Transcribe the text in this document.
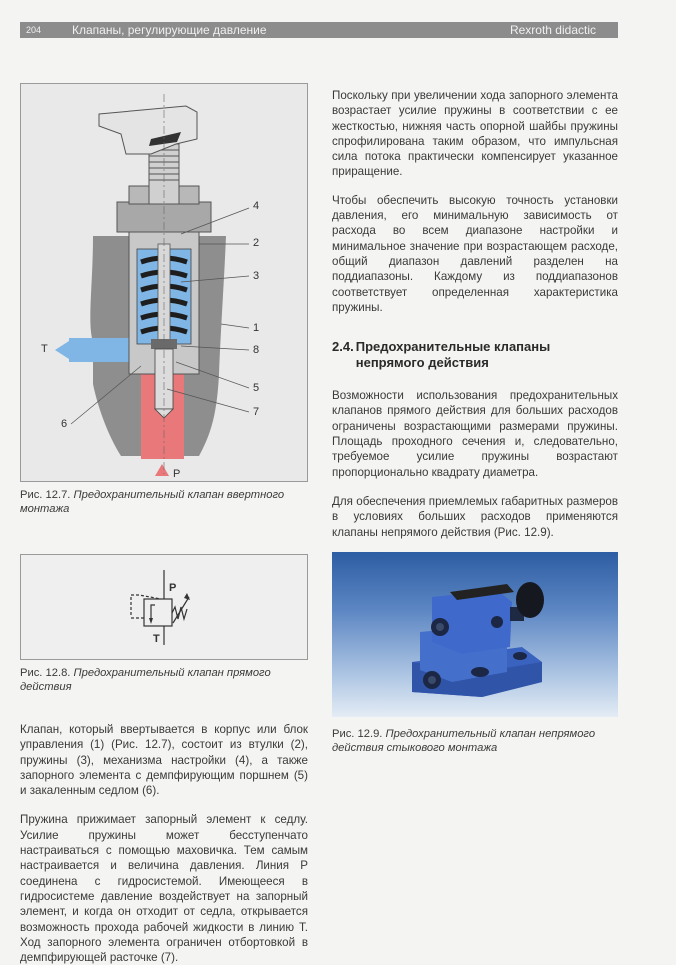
204	Клапаны, регулирующие давление	Rexroth didactic
4
2
3
1
8
5
7
6
T
P
Рис. 12.7. Предохранительный клапан ввертного монтажа
P
T
Рис. 12.8. Предохранительный клапан прямого действия

Клапан, который ввертывается в корпус или блок управления (1) (Рис. 12.7), состоит из втулки (2), пружины (3), механизма настройки (4), а также запорного элемента с демпфирующим поршнем (5) и закаленным седлом (6).

Пружина прижимает запорный элемент к седлу. Усилие пружины может бесступенчато настраиваться с помощью маховичка. Тем самым настраивается и величина давления. Линия P соединена с гидросистемой. Имеющееся в гидросистеме давление воздействует на запорный элемент, и когда он отходит от седла, открывается возможность прохода рабочей жидкости в линию T. Ход запорного элемента ограничен отбортовкой в демпфирующей расточке (7).

Поскольку при увеличении хода запорного элемента возрастает усилие пружины в соответствии с ее жесткостью, нижняя часть опорной шайбы пружины спрофилирована таким образом, что импульсная сила потока практически компенсирует указанное приращение.

Чтобы обеспечить высокую точность установки давления, его минимальную зависимость от расхода во всем диапазоне настройки и минимальное значение при возрастающем расходе, общий диапазон давлений разделен на поддиапазоны. Каждому из поддиапазонов соответствует определенная характеристика пружины.

2.4. Предохранительные клапаны непрямого действия

Возможности использования предохранительных клапанов прямого действия для больших расходов ограничены возрастающими размерами пружины. Площадь проходного сечения и, следовательно, требуемое усилие пружины возрастают пропорционально квадрату диаметра.

Для обеспечения приемлемых габаритных размеров в условиях больших расходов применяются клапаны непрямого действия (Рис. 12.9).

Рис. 12.9. Предохранительный клапан непрямого действия стыкового монтажа
